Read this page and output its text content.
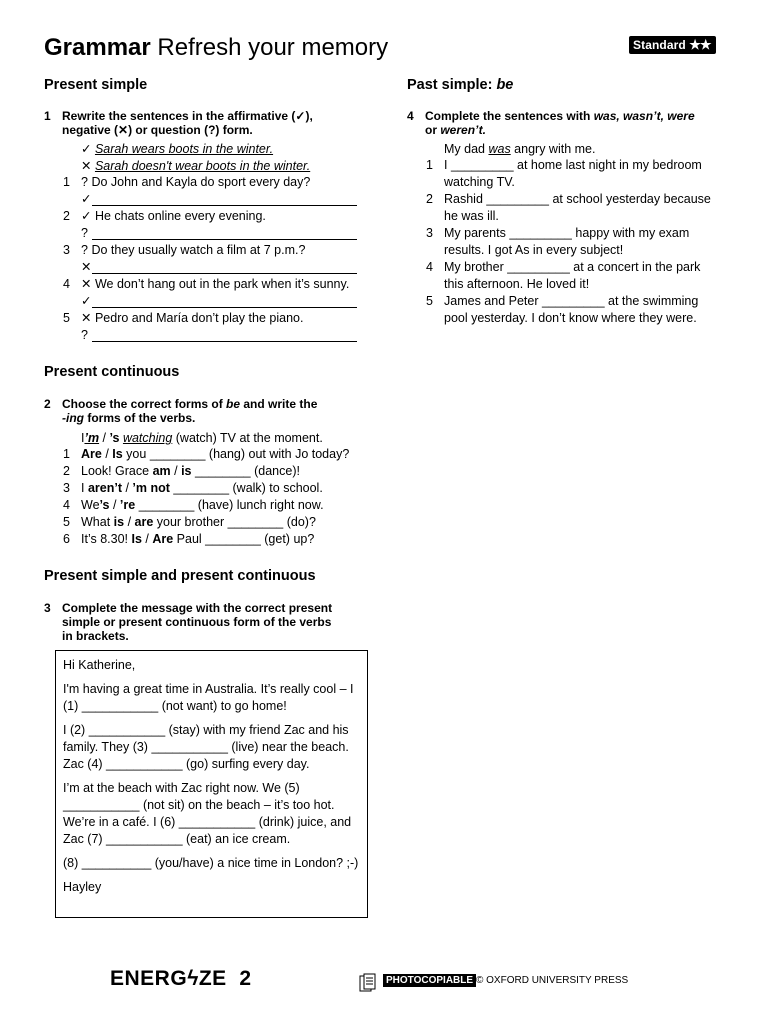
Grammar Refresh your memory	Standard ★★
Present simple
1 Rewrite the sentences in the affirmative (✓),
negative (✕) or question (?) form.
✓ Sarah wears boots in the winter.
✕ Sarah doesn't wear boots in the winter.
1 ? Do John and Kayla do sport every day?
✓
2 ✓ He chats online every evening.
?
3 ? Do they usually watch a film at 7 p.m.?
✕
4 ✕ We don’t hang out in the park when it’s sunny.
✓
5 ✕ Pedro and María don’t play the piano.
?
Present continuous
2 Choose the correct forms of be and write the
-ing forms of the verbs.
I’m / ’s watching (watch) TV at the moment.
1 Are / Is you ________ (hang) out with Jo today?
2 Look! Grace am / is ________ (dance)!
3 I aren’t / ’m not ________ (walk) to school.
4 We’s / ’re ________ (have) lunch right now.
5 What is / are your brother ________ (do)?
6 It’s 8.30! Is / Are Paul ________ (get) up?
Present simple and present continuous
3 Complete the message with the correct present
simple or present continuous form of the verbs
in brackets.

Hi Katherine,

I'm having a great time in Australia. It’s really cool – I (1) ___________ (not want) to go home!

I (2) ___________ (stay) with my friend Zac and his family. They (3) ___________ (live) near the beach. Zac (4) ___________ (go) surfing every day.

I’m at the beach with Zac right now. We (5) ___________ (not sit) on the beach – it’s too hot. We’re in a café. I (6) ___________ (drink) juice, and Zac (7) ___________ (eat) an ice cream.

(8) __________ (you/have) a nice time in London? ;-)

Hayley

Past simple: be
4 Complete the sentences with was, wasn’t, were
or weren’t.
My dad was angry with me.
1 I _________ at home last night in my bedroom
watching TV.
2 Rashid _________ at school yesterday because
he was ill.
3 My parents _________ happy with my exam
results. I got As in every subject!
4 My brother _________ at a concert in the park
this afternoon. He loved it!
5 James and Peter _________ at the swimming
pool yesterday. I don’t know where they were.
ENERGϟZE 2	PHOTOCOPIABLE © OXFORD UNIVERSITY PRESS
